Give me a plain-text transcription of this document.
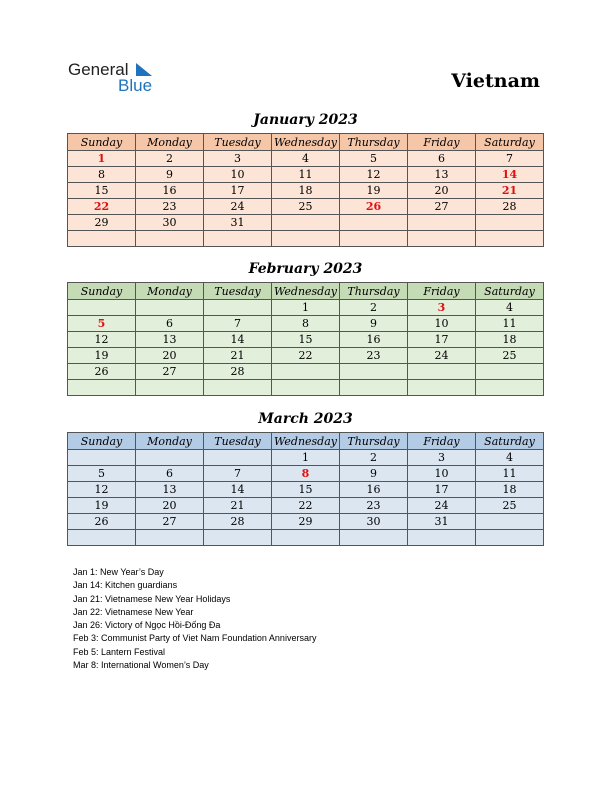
General
Blue	Vietnam
January 2023
Sunday	Monday	Tuesday	Wednesday	Thursday	Friday	Saturday
1	2	3	4	5	6	7
8	9	10	11	12	13	14
15	16	17	18	19	20	21
22	23	24	25	26	27	28
29	30	31				

February 2023
Sunday	Monday	Tuesday	Wednesday	Thursday	Friday	Saturday
			1	2	3	4
5	6	7	8	9	10	11
12	13	14	15	16	17	18
19	20	21	22	23	24	25
26	27	28				

March 2023
Sunday	Monday	Tuesday	Wednesday	Thursday	Friday	Saturday
			1	2	3	4
5	6	7	8	9	10	11
12	13	14	15	16	17	18
19	20	21	22	23	24	25
26	27	28	29	30	31	

Jan 1: New Year’s Day
Jan 14: Kitchen guardians
Jan 21: Vietnamese New Year Holidays
Jan 22: Vietnamese New Year
Jan 26: Victory of Ngọc Hồi-Đống Đa
Feb 3: Communist Party of Viet Nam Foundation Anniversary
Feb 5: Lantern Festival
Mar 8: International Women’s Day
